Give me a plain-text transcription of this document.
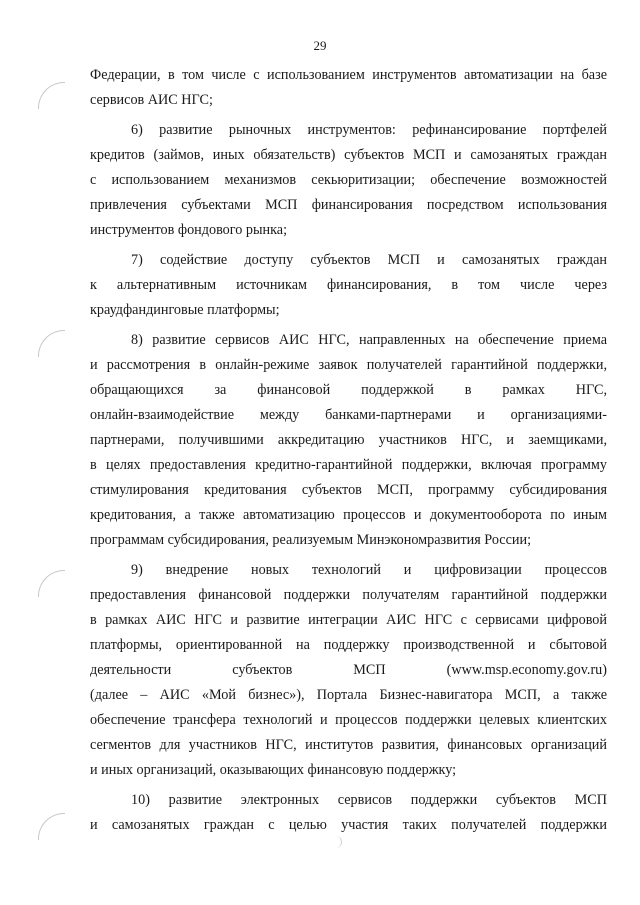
29
Федерации, в том числе с использованием инструментов автоматизации на базе
сервисов АИС НГС;
6) развитие рыночных инструментов: рефинансирование портфелей
кредитов (займов, иных обязательств) субъектов МСП и самозанятых граждан
с использованием механизмов секьюритизации; обеспечение возможностей
привлечения субъектами МСП финансирования посредством использования
инструментов фондового рынка;
7) содействие доступу субъектов МСП и самозанятых граждан
к альтернативным источникам финансирования, в том числе через
краудфандинговые платформы;
8) развитие сервисов АИС НГС, направленных на обеспечение приема
и рассмотрения в онлайн-режиме заявок получателей гарантийной поддержки,
обращающихся за финансовой поддержкой в рамках НГС,
онлайн-взаимодействие между банками-партнерами и организациями-
партнерами, получившими аккредитацию участников НГС, и заемщиками,
в целях предоставления кредитно-гарантийной поддержки, включая программу
стимулирования кредитования субъектов МСП, программу субсидирования
кредитования, а также автоматизацию процессов и документооборота по иным
программам субсидирования, реализуемым Минэкономразвития России;
9) внедрение новых технологий и цифровизации процессов
предоставления финансовой поддержки получателям гарантийной поддержки
в рамках АИС НГС и развитие интеграции АИС НГС с сервисами цифровой
платформы, ориентированной на поддержку производственной и сбытовой
деятельности субъектов МСП (www.msp.economy.gov.ru)
(далее – АИС «Мой бизнес»), Портала Бизнес-навигатора МСП, а также
обеспечение трансфера технологий и процессов поддержки целевых клиентских
сегментов для участников НГС, институтов развития, финансовых организаций
и иных организаций, оказывающих финансовую поддержку;
10) развитие электронных сервисов поддержки субъектов МСП
и самозанятых граждан с целью участия таких получателей поддержки
